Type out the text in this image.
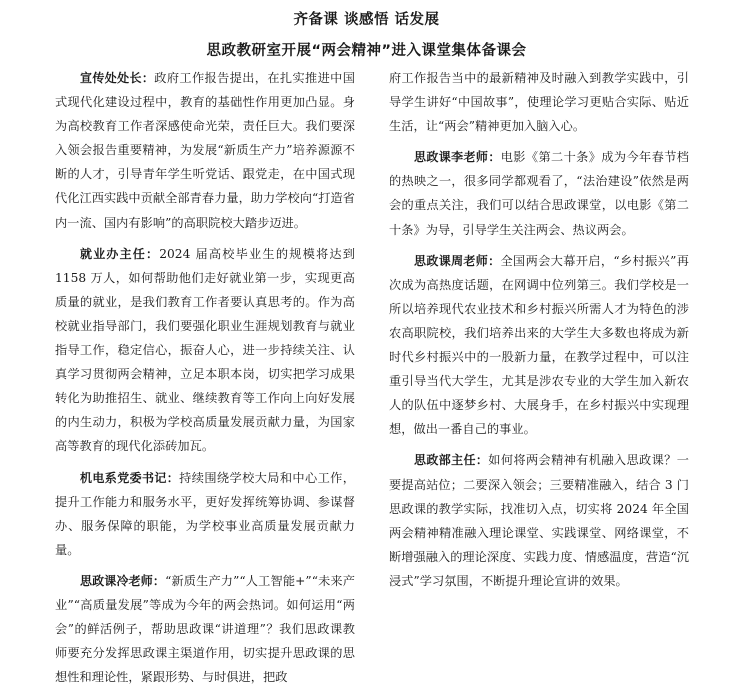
齐备课 谈感悟 话发展
思政教研室开展“两会精神”进入课堂集体备课会

宣传处处长：政府工作报告提出，在扎实推进中国式现代化建设过程中，教育的基础性作用更加凸显。身为高校教育工作者深感使命光荣，责任巨大。我们要深入领会报告重要精神，为发展“新质生产力”培养源源不断的人才，引导青年学生听党话、跟党走，在中国式现代化江西实践中贡献全部青春力量，助力学校向“打造省内一流、国内有影响”的高职院校大踏步迈进。

就业办主任：2024 届高校毕业生的规模将达到 1158 万人，如何帮助他们走好就业第一步，实现更高质量的就业，是我们教育工作者要认真思考的。作为高校就业指导部门，我们要强化职业生涯规划教育与就业指导工作，稳定信心，振奋人心，进一步持续关注、认真学习贯彻两会精神，立足本职本岗，切实把学习成果转化为助推招生、就业、继续教育等工作向上向好发展的内生动力，积极为学校高质量发展贡献力量，为国家高等教育的现代化添砖加瓦。

机电系党委书记：持续围绕学校大局和中心工作，提升工作能力和服务水平，更好发挥统筹协调、参谋督办、服务保障的职能，为学校事业高质量发展贡献力量。

思政课冷老师：“新质生产力”“人工智能+”“未来产业”“高质量发展”等成为今年的两会热词。如何运用“两会”的鲜活例子，帮助思政课“讲道理”？我们思政课教师要充分发挥思政课主渠道作用，切实提升思政课的思想性和理论性，紧跟形势、与时俱进，把政

府工作报告当中的最新精神及时融入到教学实践中，引导学生讲好“中国故事”，使理论学习更贴合实际、贴近生活，让“两会”精神更加入脑入心。

思政课李老师：电影《第二十条》成为今年春节档的热映之一，很多同学都观看了，“法治建设”依然是两会的重点关注，我们可以结合思政课堂，以电影《第二十条》为导，引导学生关注两会、热议两会。

思政课周老师：全国两会大幕开启，“乡村振兴”再次成为高热度话题，在网调中位列第三。我们学校是一所以培养现代农业技术和乡村振兴所需人才为特色的涉农高职院校，我们培养出来的大学生大多数也将成为新时代乡村振兴中的一股新力量，在教学过程中，可以注重引导当代大学生，尤其是涉农专业的大学生加入新农人的队伍中逐梦乡村、大展身手，在乡村振兴中实现理想，做出一番自己的事业。

思政部主任：如何将两会精神有机融入思政课？一要提高站位；二要深入领会；三要精准融入，结合 3 门思政课的教学实际，找准切入点，切实将 2024 年全国两会精神精准融入理论课堂、实践课堂、网络课堂，不断增强融入的理论深度、实践力度、情感温度，营造“沉浸式”学习氛围，不断提升理论宣讲的效果。
